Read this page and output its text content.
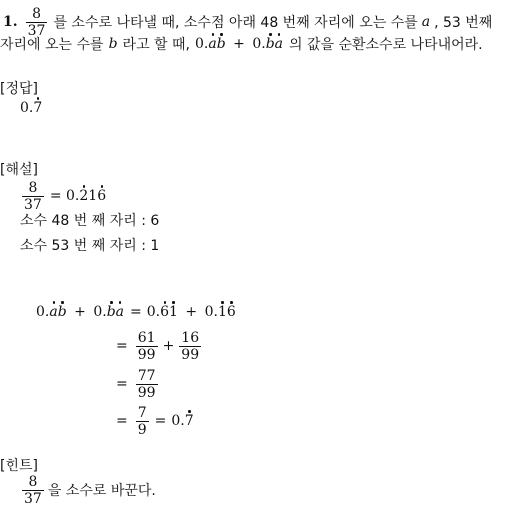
1. $\frac{8}{37}$ 를 소수로 나타낼 때, 소수점 아래 48 번째 자리에 오는 수를 a , 53 번째
자리에 오는 수를 b 라고 할 때, 0.ab + 0.ba 의 값을 순환소수로 나타내어라.
[정답]
0.7
[해설]
$\frac{8}{37} = 0.216$
소수 48 번 째 자리 : 6
소수 53 번 째 자리 : 1
0.ab + 0.ba = 0.61 + 0.16
= $\frac{61}{99} + \frac{16}{99}$
= $\frac{77}{99}$
= $\frac{7}{9} = 0.7$
[힌트]
$\frac{8}{37}$ 을 소수로 바꾼다.
